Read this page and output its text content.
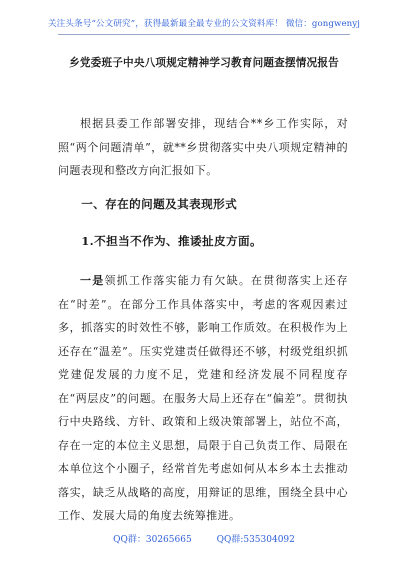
关注头条号“公文研究”，获得最新最全最专业的公文资料库！ 微信：gongwenyj
乡党委班子中央八项规定精神学习教育问题查摆情况报告

根据县委工作部署安排，现结合**乡工作实际，对照“两个问题清单”，就**乡贯彻落实中央八项规定精神的问题表现和整改方向汇报如下。

一、存在的问题及其表现形式
1.不担当不作为、推诿扯皮方面。

一是领抓工作落实能力有欠缺。在贯彻落实上还存在“时差”。在部分工作具体落实中，考虑的客观因素过多，抓落实的时效性不够，影响工作质效。在积极作为上还存在“温差”。压实党建责任做得还不够，村级党组织抓党建促发展的力度不足，党建和经济发展不同程度存在“两层皮”的问题。在服务大局上还存在“偏差”。贯彻执行中央路线、方针、政策和上级决策部署上，站位不高，存在一定的本位主义思想，局限于自己负责工作、局限在本单位这个小圈子，经常首先考虑如何从本乡本土去推动落实，缺乏从战略的高度，用辩证的思维，围绕全县中心工作、发展大局的角度去统筹推进。

QQ群：30265665	QQ群:535304092
